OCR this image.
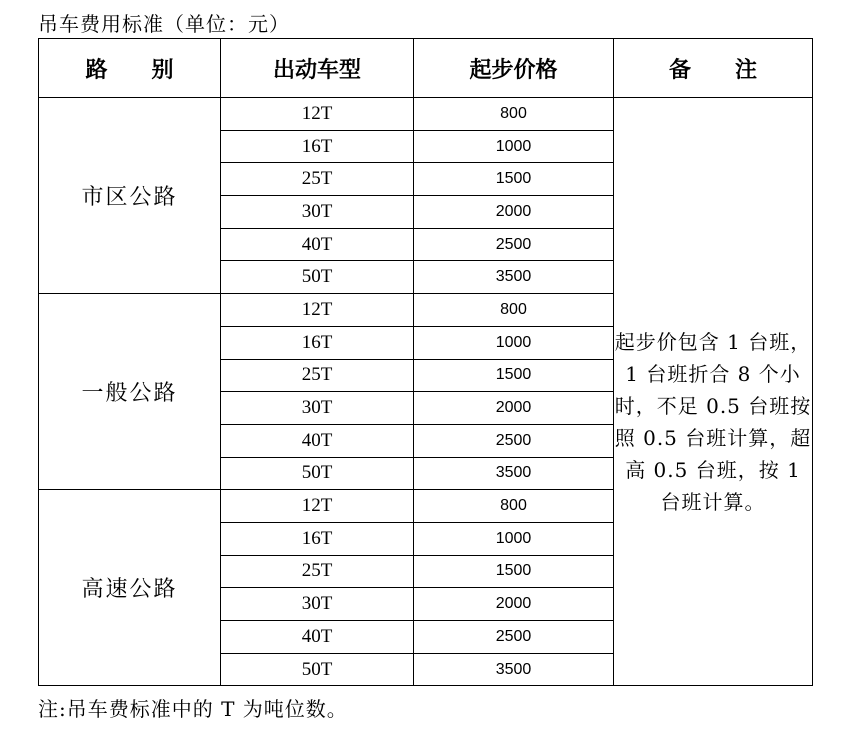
吊车费用标准（单位：元）
路　　别	出动车型	起步价格	备　　注
市区公路	12T	800	起步价包含 1 台班，1 台班折合 8 个小时，不足 0.5 台班按照 0.5 台班计算，超高 0.5 台班，按 1 台班计算。

	16T	1000	
	25T	1500	
	30T	2000	
	40T	2500	
	50T	3500	
一般公路	12T	800	
	16T	1000	
	25T	1500	
	30T	2000	
	40T	2500	
	50T	3500	
高速公路	12T	800	
	16T	1000	
	25T	1500	
	30T	2000	
	40T	2500	
	50T	3500	
注:吊车费标准中的 T 为吨位数。
